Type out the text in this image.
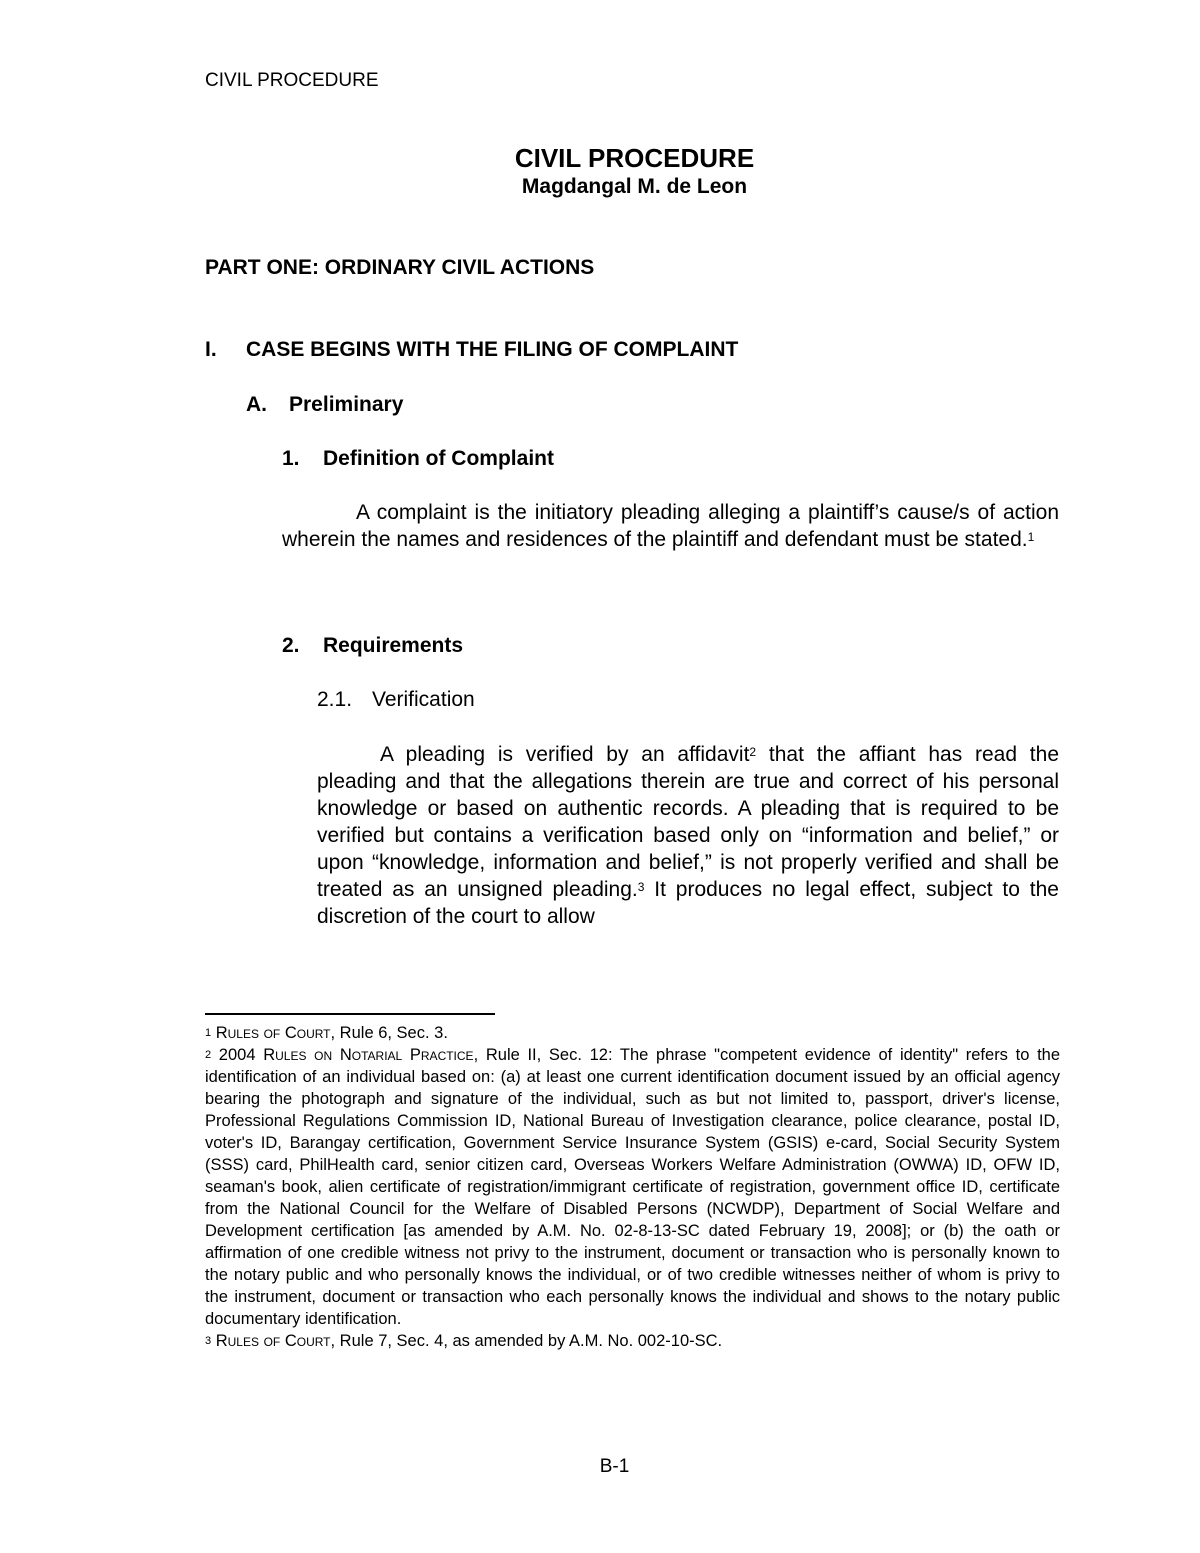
CIVIL PROCEDURE
CIVIL PROCEDURE
Magdangal M. de Leon
PART ONE: ORDINARY CIVIL ACTIONS
I. CASE BEGINS WITH THE FILING OF COMPLAINT
A. Preliminary
1. Definition of Complaint
A complaint is the initiatory pleading alleging a plaintiff’s cause/s of action wherein the names and residences of the plaintiff and defendant must be stated.$^1$
2. Requirements
2.1. Verification
A pleading is verified by an affidavit$^2$ that the affiant has read the pleading and that the allegations therein are true and correct of his personal knowledge or based on authentic records. A pleading that is required to be verified but contains a verification based only on “information and belief,” or upon “knowledge, information and belief,” is not properly verified and shall be treated as an unsigned pleading.$^3$ It produces no legal effect, subject to the discretion of the court to allow

$^1$ Rules of Court, Rule 6, Sec. 3.

$^2$ 2004 Rules on Notarial Practice, Rule II, Sec. 12: The phrase "competent evidence of identity" refers to the identification of an individual based on: (a) at least one current identification document issued by an official agency bearing the photograph and signature of the individual, such as but not limited to, passport, driver's license, Professional Regulations Commission ID, National Bureau of Investigation clearance, police clearance, postal ID, voter's ID, Barangay certification, Government Service Insurance System (GSIS) e-card, Social Security System (SSS) card, PhilHealth card, senior citizen card, Overseas Workers Welfare Administration (OWWA) ID, OFW ID, seaman's book, alien certificate of registration/immigrant certificate of registration, government office ID, certificate from the National Council for the Welfare of Disabled Persons (NCWDP), Department of Social Welfare and Development certification [as amended by A.M. No. 02-8-13-SC dated February 19, 2008]; or (b) the oath or affirmation of one credible witness not privy to the instrument, document or transaction who is personally known to the notary public and who personally knows the individual, or of two credible witnesses neither of whom is privy to the instrument, document or transaction who each personally knows the individual and shows to the notary public documentary identification.

$^3$ Rules of Court, Rule 7, Sec. 4, as amended by A.M. No. 002-10-SC.

B-1
